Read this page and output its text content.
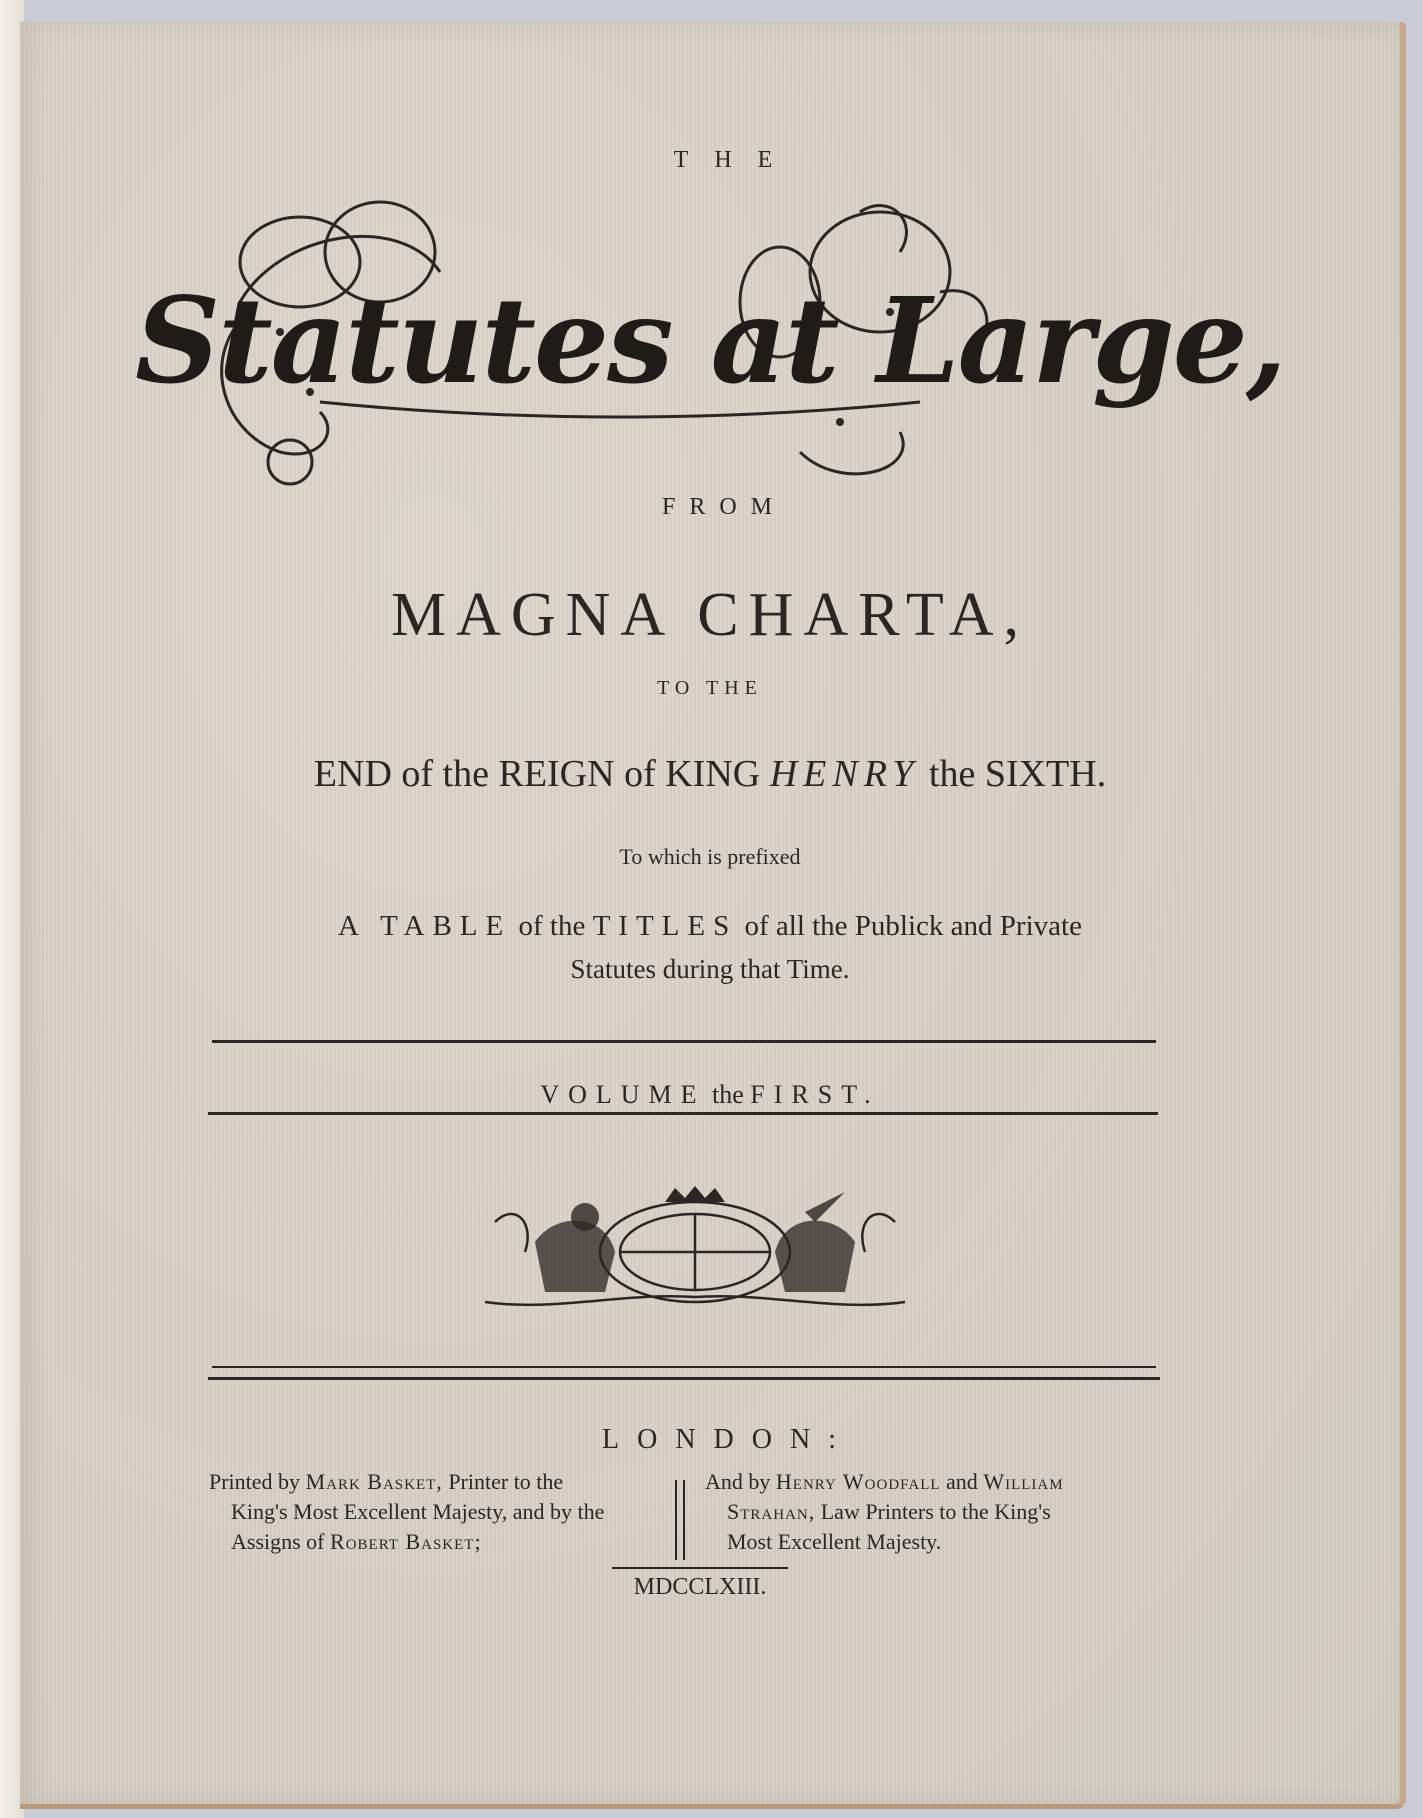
THE
Statutes at Large,
FROM
MAGNA CHARTA,
TO THE
END of the REIGN of KING HENRY the SIXTH.
To which is prefixed
A TABLE of the TITLES of all the Publick and Private
Statutes during that Time.
VOLUME the FIRST.
LONDON:
Printed by Mark Basket, Printer to the
King's Most Excellent Majesty, and by the
Assigns of Robert Basket;
And by Henry Woodfall and William
Strahan, Law Printers to the King's
Most Excellent Majesty.
MDCCLXIII.
